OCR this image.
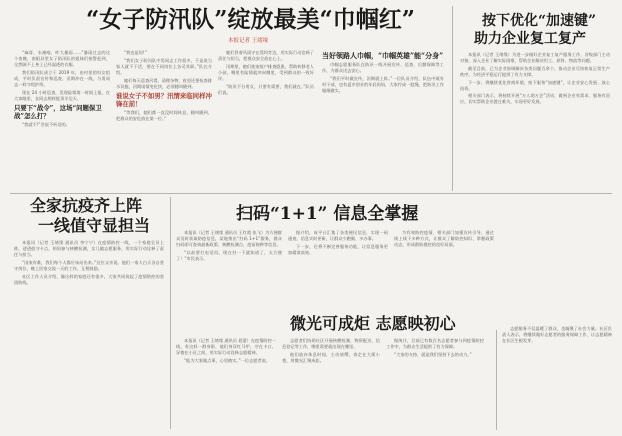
“女子防汛队”绽放最美“巾帼红”
本报记者 王绪缘

“麻哥，水淹啦，咋大暴雨……”暴雨过去的这个夜晚，南阳县里女子防汛队的姐妹们接警赶到，全然顾不上身上已经湿透的衣服。

我们防汛队成立于 2019 年，由村里的妇女组成，平时负责宣传和巡查，汛期冲在一线，与男同志一样守堤护坝。

现在 24 小时巡查，发现险情第一时间上报，在大家眼里，女同志照样能顶半边天。

只要下“战令”，这场“问题保卫战”怎么打？

“我就不!”会说不听话的。

“我也是妈!”

“我们女子防汛队中男同志工作很多，不是说当家人就不干活，要在不同岗位上各司其职。”队长介绍。

她们每天巡查河堤、清理杂物，夜里还要检查排水设施，汛期雨情变化快，必须随叫随到。

谁说女子不如男？汛情来临同样冲锋在前！

“等我们，她们都一直没时间休息，随叫随到，把群众的安危放在第一位。”

她们冒着风雨守在堤坝旁边，用实际行动诠释了责任与担当，把群众安全放在心上。

汛期里，她们挨家挨户排查隐患，帮助转移老人小孩，哪里有险情就冲向哪里，受到群众的一致好评。

“防汛不分男女，只要有需要，我们就在。”队员们说。

当好领路人巾帼，“巾帼英雄”能“分身”

巾帼志愿服务队在防汛一线开展宣传、巡查、后勤保障等工作，为群众送去安心。

“我们平时做宣传，汛期就上阵。”一位队员介绍，队伍中既有村干部，也有返乡创业的年轻妈妈，大家拧成一股绳，把防汛工作做细做实。

按下优化“加速键”
助力企业复工复产

本报讯（记者 王绪缘）为进一步做好企业复工复产服务工作，各级部门主动对接，深入企业了解实际困难，帮助企业解决用工、原料、物流等问题。

截至目前，已为企业协调解决各类问题百余个，推动企业尽快恢复正常生产秩序，为经济平稳运行提供了有力支撑。

下一步，将继续优化营商环境，按下服务“加速键”，让企业安心发展、放心投资。

相关部门表示，将持续开展“万人助万企”活动，做到企业有需求、服务有回应，切实帮助企业渡过难关，实现更好发展。

全家抗疫齐上阵
一线值守显担当

本报讯（记者 王绪缘 通讯员 李宁宁）在疫情防控一线，一个家庭全员上阵，爸爸值守卡点，妈妈参与核酸检测，女儿做志愿服务，用实际行动诠释了责任与担当。

“国家有难，我们每个人都应该站出来。”这位父亲说。他们一家人白天各自坚守岗位，晚上回家交流一天的工作，互相鼓励。

社区工作人员介绍，像这样的家庭还有很多，大家共同筑起了疫情防控的坚固防线。

扫码“1+1” 信息全掌握

本报讯（记者 王绪缘 通讯员 王红霞 张飞）为方便群众及时获取防疫信息，某地推出“扫码 1+1”服务，群众扫码即可查询最新政策、核酸检测点、疫苗接种等信息。

“以前要打电话问，现在扫一下就知道了，太方便了！”市民表示。

据介绍，该平台汇集了各类便民信息，实现一码通查，信息实时更新，让群众少跑腿、多办事。

下一步，还将不断完善服务功能，让信息服务更加精准高效。

为有效防控疫情，相关部门加强宣传引导，通过线上线下多种方式，让群众了解防控知识、掌握政策动态，形成群防群控的良好局面。

微光可成炬 志愿映初心

本报讯（记者 王绪缘 通讯员 聂蕾）在疫情防控一线，有这样一群身影，他们身穿红马甲，守在卡口，穿梭在小区之间，用实际行动诠释志愿精神。

“能为大家做点事，心里踏实。”一位志愿者说。

志愿者们协助社区开展核酸检测、物资配送、信息登记等工作，哪里需要就出现在哪里。

他们放弃休息时间，主动请缨，奔走在大街小巷，用微光汇聚成炬。

据统计，目前已有数百名志愿者参与到疫情防控工作中，为群众生活提供了有力保障。

“大家的支持，就是我们坚持下去的动力。”

志愿服务不仅温暖了群众，也凝聚了社会力量。社区负责人表示，将继续做好志愿者的服务保障工作，让志愿精神在社区生根发芽。
